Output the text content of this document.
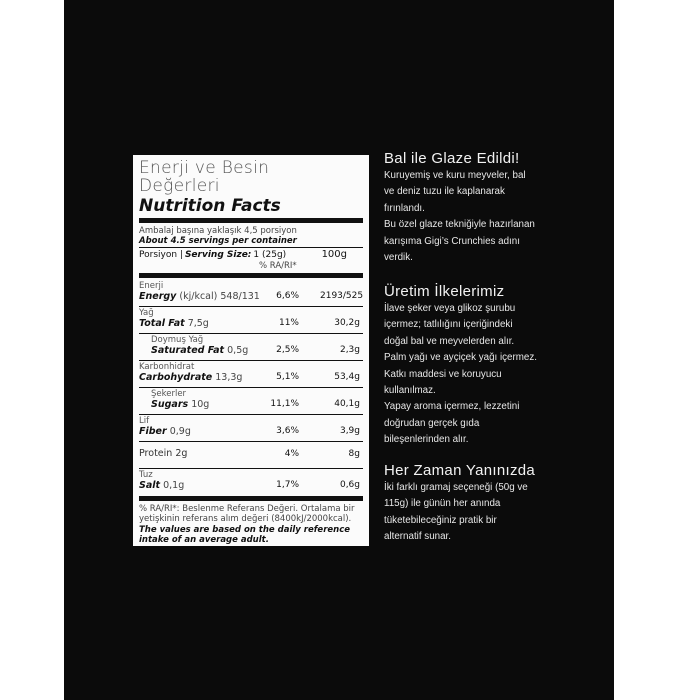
Enerji ve Besin
Değerleri
Nutrition Facts
Ambalaj başına yaklaşık 4,5 porsiyon
About 4.5 servings per container
Porsiyon | Serving Size: 1 (25g)	100g
% RA/RI*
Enerji
Energy (kj/kcal) 548/131	6,6% 2193/525
Yağ
Total Fat 7,5g	11%	30,2g
Doymuş Yağ
Saturated Fat 0,5g	2,5%	2,3g
Karbonhidrat
Carbohydrate 13,3g	5,1%	53,4g
Şekerler
Sugars 10g	11,1%	40,1g
Lif
Fiber 0,9g	3,6%	3,9g
Protein 2g	4%	8g
Tuz
Salt 0,1g	1,7%	0,6g
% RA/RI*: Beslenme Referans Değeri. Ortalama bir yetişkinin referans alım değeri (8400kJ/2000kcal).
The values are based on the daily reference intake of an average adult.
Bal ile Glaze Edildi!
Kuruyemiş ve kuru meyveler, bal
ve deniz tuzu ile kaplanarak
fırınlandı.
Bu özel glaze tekniğiyle hazırlanan
karışıma Gigi’s Crunchies adını
verdik.
Üretim İlkelerimiz
İlave şeker veya glikoz şurubu
içermez; tatlılığını içeriğindeki
doğal bal ve meyvelerden alır.
Palm yağı ve ayçiçek yağı içermez.
Katkı maddesi ve koruyucu
kullanılmaz.
Yapay aroma içermez, lezzetini
doğrudan gerçek gıda
bileşenlerinden alır.
Her Zaman Yanınızda
İki farklı gramaj seçeneği (50g ve
115g) ile günün her anında
tüketebileceğiniz pratik bir
alternatif sunar.
